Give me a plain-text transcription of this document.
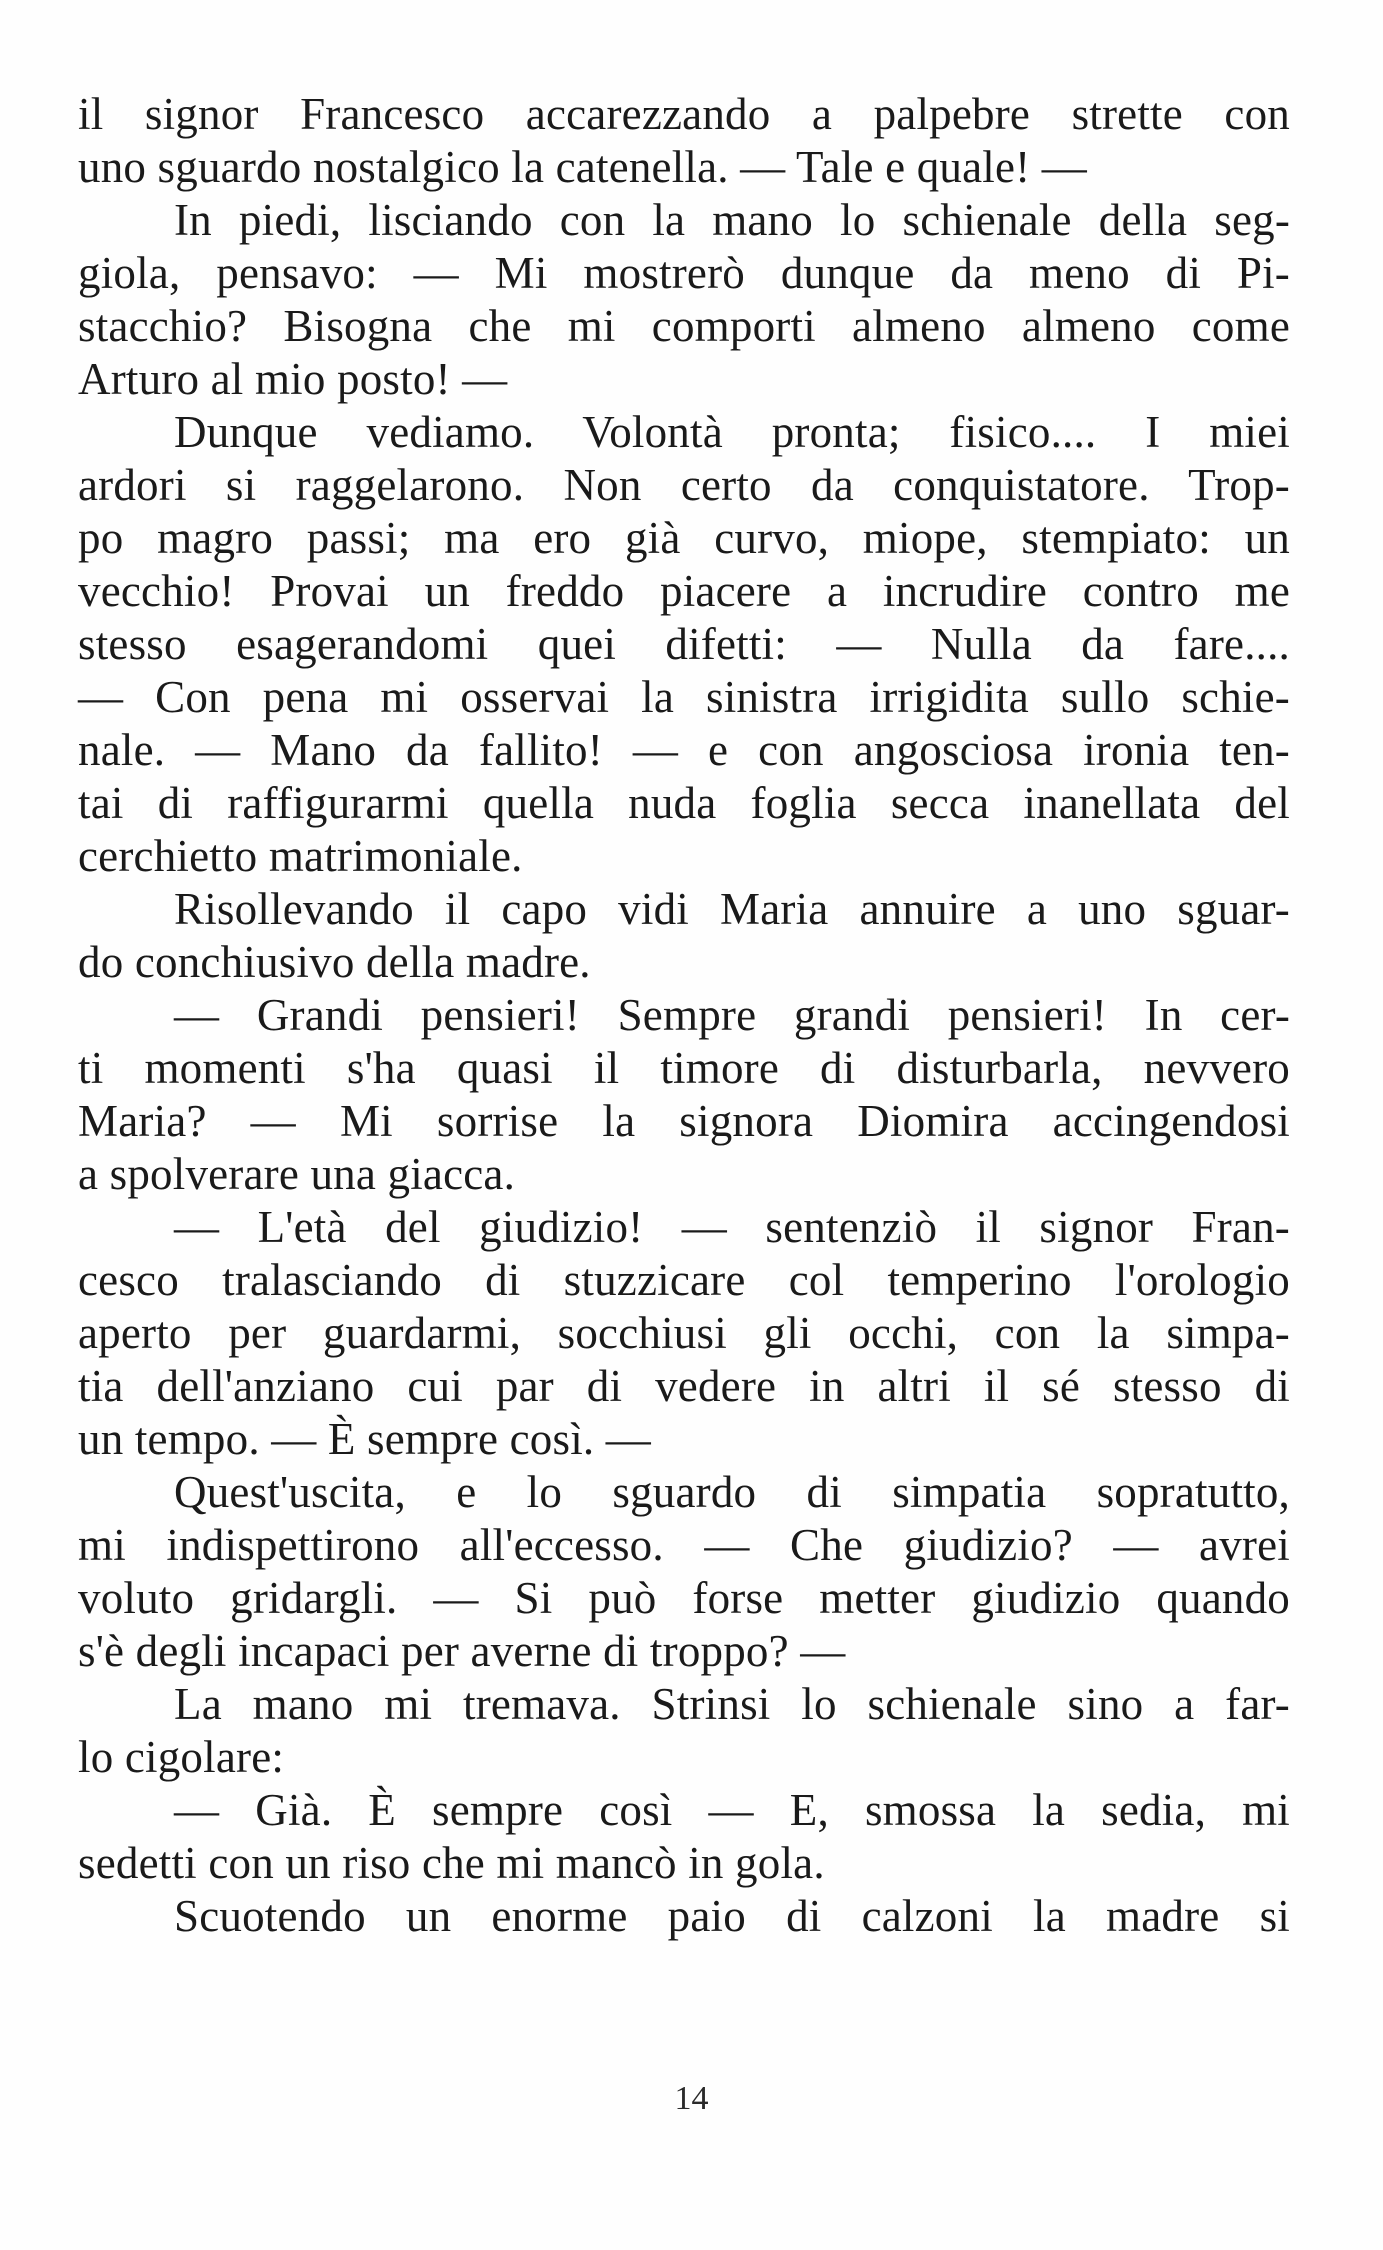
il signor Francesco accarezzando a palpebre strette con
uno sguardo nostalgico la catenella. — Tale e quale! —
In piedi, lisciando con la mano lo schienale della seg-
giola, pensavo: — Mi mostrerò dunque da meno di Pi-
stacchio? Bisogna che mi comporti almeno almeno come
Arturo al mio posto! —
Dunque vediamo. Volontà pronta; fisico.... I miei
ardori si raggelarono. Non certo da conquistatore. Trop-
po magro passi; ma ero già curvo, miope, stempiato: un
vecchio! Provai un freddo piacere a incrudire contro me
stesso esagerandomi quei difetti: — Nulla da fare....
— Con pena mi osservai la sinistra irrigidita sullo schie-
nale. — Mano da fallito! — e con angosciosa ironia ten-
tai di raffigurarmi quella nuda foglia secca inanellata del
cerchietto matrimoniale.
Risollevando il capo vidi Maria annuire a uno sguar-
do conchiusivo della madre.
— Grandi pensieri! Sempre grandi pensieri! In cer-
ti momenti s'ha quasi il timore di disturbarla, nevvero
Maria? — Mi sorrise la signora Diomira accingendosi
a spolverare una giacca.
— L'età del giudizio! — sentenziò il signor Fran-
cesco tralasciando di stuzzicare col temperino l'orologio
aperto per guardarmi, socchiusi gli occhi, con la simpa-
tia dell'anziano cui par di vedere in altri il sé stesso di
un tempo. — È sempre così. —
Quest'uscita, e lo sguardo di simpatia sopratutto,
mi indispettirono all'eccesso. — Che giudizio? — avrei
voluto gridargli. — Si può forse metter giudizio quando
s'è degli incapaci per averne di troppo? —
La mano mi tremava. Strinsi lo schienale sino a far-
lo cigolare:
— Già. È sempre così — E, smossa la sedia, mi
sedetti con un riso che mi mancò in gola.
Scuotendo un enorme paio di calzoni la madre si
14
